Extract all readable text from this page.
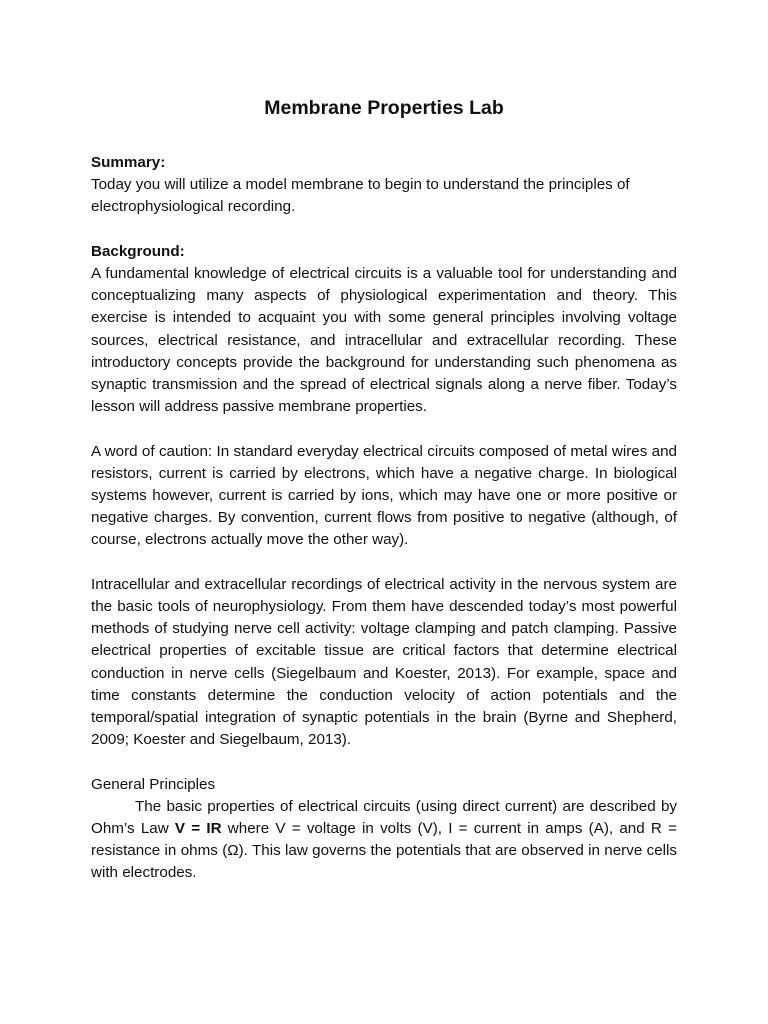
Membrane Properties Lab

Summary:

Today you will utilize a model membrane to begin to understand the principles of electrophysiological recording.

Background:

A fundamental knowledge of electrical circuits is a valuable tool for understanding and conceptualizing many aspects of physiological experimentation and theory. This exercise is intended to acquaint you with some general principles involving voltage sources, electrical resistance, and intracellular and extracellular recording. These introductory concepts provide the background for understanding such phenomena as synaptic transmission and the spread of electrical signals along a nerve fiber. Today’s lesson will address passive membrane properties.

A word of caution: In standard everyday electrical circuits composed of metal wires and resistors, current is carried by electrons, which have a negative charge. In biological systems however, current is carried by ions, which may have one or more positive or negative charges. By convention, current flows from positive to negative (although, of course, electrons actually move the other way).

Intracellular and extracellular recordings of electrical activity in the nervous system are the basic tools of neurophysiology. From them have descended today’s most powerful methods of studying nerve cell activity: voltage clamping and patch clamping. Passive electrical properties of excitable tissue are critical factors that determine electrical conduction in nerve cells (Siegelbaum and Koester, 2013). For example, space and time constants determine the conduction velocity of action potentials and the temporal/spatial integration of synaptic potentials in the brain (Byrne and Shepherd, 2009; Koester and Siegelbaum, 2013).

General Principles

The basic properties of electrical circuits (using direct current) are described by Ohm’s Law V = IR where V = voltage in volts (V), I = current in amps (A), and R = resistance in ohms (Ω). This law governs the potentials that are observed in nerve cells with electrodes.
